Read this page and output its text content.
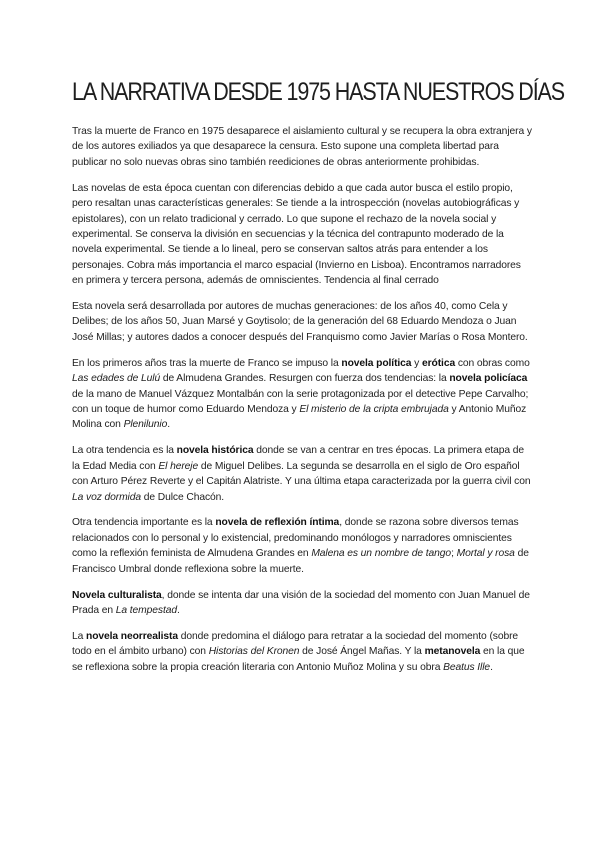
LA NARRATIVA DESDE 1975 HASTA NUESTROS DÍAS

Tras la muerte de Franco en 1975 desaparece el aislamiento cultural y se recupera la obra extranjera y de los autores exiliados ya que desaparece la censura. Esto supone una completa libertad para publicar no solo nuevas obras sino también reediciones de obras anteriormente prohibidas.

Las novelas de esta época cuentan con diferencias debido a que cada autor busca el estilo propio, pero resaltan unas características generales: Se tiende a la introspección (novelas autobiográficas y epistolares), con un relato tradicional y cerrado. Lo que supone el rechazo de la novela social y experimental. Se conserva la división en secuencias y la técnica del contrapunto moderado de la novela experimental. Se tiende a lo lineal, pero se conservan saltos atrás para entender a los personajes. Cobra más importancia el marco espacial (Invierno en Lisboa). Encontramos narradores en primera y tercera persona, además de omniscientes. Tendencia al final cerrado

Esta novela será desarrollada por autores de muchas generaciones: de los años 40, como Cela y Delibes; de los años 50, Juan Marsé y Goytisolo; de la generación del 68 Eduardo Mendoza o Juan José Millas; y autores dados a conocer después del Franquismo como Javier Marías o Rosa Montero.

En los primeros años tras la muerte de Franco se impuso la novela política y erótica con obras como Las edades de Lulú de Almudena Grandes. Resurgen con fuerza dos tendencias: la novela policíaca de la mano de Manuel Vázquez Montalbán con la serie protagonizada por el detective Pepe Carvalho; con un toque de humor como Eduardo Mendoza y El misterio de la cripta embrujada y Antonio Muñoz Molina con Plenilunio.

La otra tendencia es la novela histórica donde se van a centrar en tres épocas. La primera etapa de la Edad Media con El hereje de Miguel Delibes. La segunda se desarrolla en el siglo de Oro español con Arturo Pérez Reverte y el Capitán Alatriste. Y una última etapa caracterizada por la guerra civil con La voz dormida de Dulce Chacón.

Otra tendencia importante es la novela de reflexión íntima, donde se razona sobre diversos temas relacionados con lo personal y lo existencial, predominando monólogos y narradores omniscientes como la reflexión feminista de Almudena Grandes en Malena es un nombre de tango; Mortal y rosa de Francisco Umbral donde reflexiona sobre la muerte.

Novela culturalista, donde se intenta dar una visión de la sociedad del momento con Juan Manuel de Prada en La tempestad.

La novela neorrealista donde predomina el diálogo para retratar a la sociedad del momento (sobre todo en el ámbito urbano) con Historias del Kronen de José Ángel Mañas. Y la metanovela en la que se reflexiona sobre la propia creación literaria con Antonio Muñoz Molina y su obra Beatus Ille.
